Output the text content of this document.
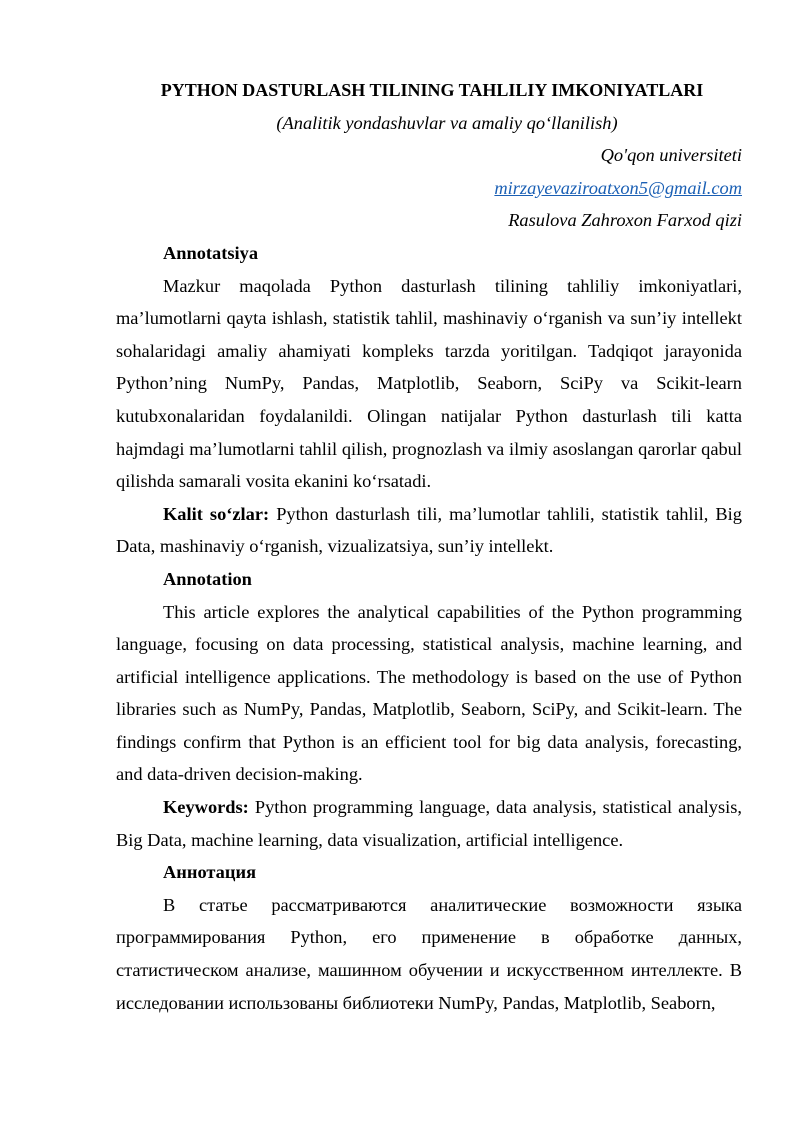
PYTHON DASTURLASH TILINING TAHLILIY IMKONIYATLARI

(Analitik yondashuvlar va amaliy qo‘llanilish)

Qo'qon universiteti

mirzayevaziroatxon5@gmail.com

Rasulova Zahroxon Farxod qizi

Annotatsiya

Mazkur maqolada Python dasturlash tilining tahliliy imkoniyatlari, ma’lumotlarni qayta ishlash, statistik tahlil, mashinaviy o‘rganish va sun’iy intellekt sohalaridagi amaliy ahamiyati kompleks tarzda yoritilgan. Tadqiqot jarayonida Python’ning NumPy, Pandas, Matplotlib, Seaborn, SciPy va Scikit-learn kutubxonalaridan foydalanildi. Olingan natijalar Python dasturlash tili katta hajmdagi ma’lumotlarni tahlil qilish, prognozlash va ilmiy asoslangan qarorlar qabul qilishda samarali vosita ekanini ko‘rsatadi.

Kalit so‘zlar: Python dasturlash tili, ma’lumotlar tahlili, statistik tahlil, Big Data, mashinaviy o‘rganish, vizualizatsiya, sun’iy intellekt.

Annotation

This article explores the analytical capabilities of the Python programming language, focusing on data processing, statistical analysis, machine learning, and artificial intelligence applications. The methodology is based on the use of Python libraries such as NumPy, Pandas, Matplotlib, Seaborn, SciPy, and Scikit-learn. The findings confirm that Python is an efficient tool for big data analysis, forecasting, and data-driven decision-making.

Keywords: Python programming language, data analysis, statistical analysis, Big Data, machine learning, data visualization, artificial intelligence.

Аннотация

В статье рассматриваются аналитические возможности языка программирования Python, его применение в обработке данных, статистическом анализе, машинном обучении и искусственном интеллекте. В исследовании использованы библиотеки NumPy, Pandas, Matplotlib, Seaborn,
